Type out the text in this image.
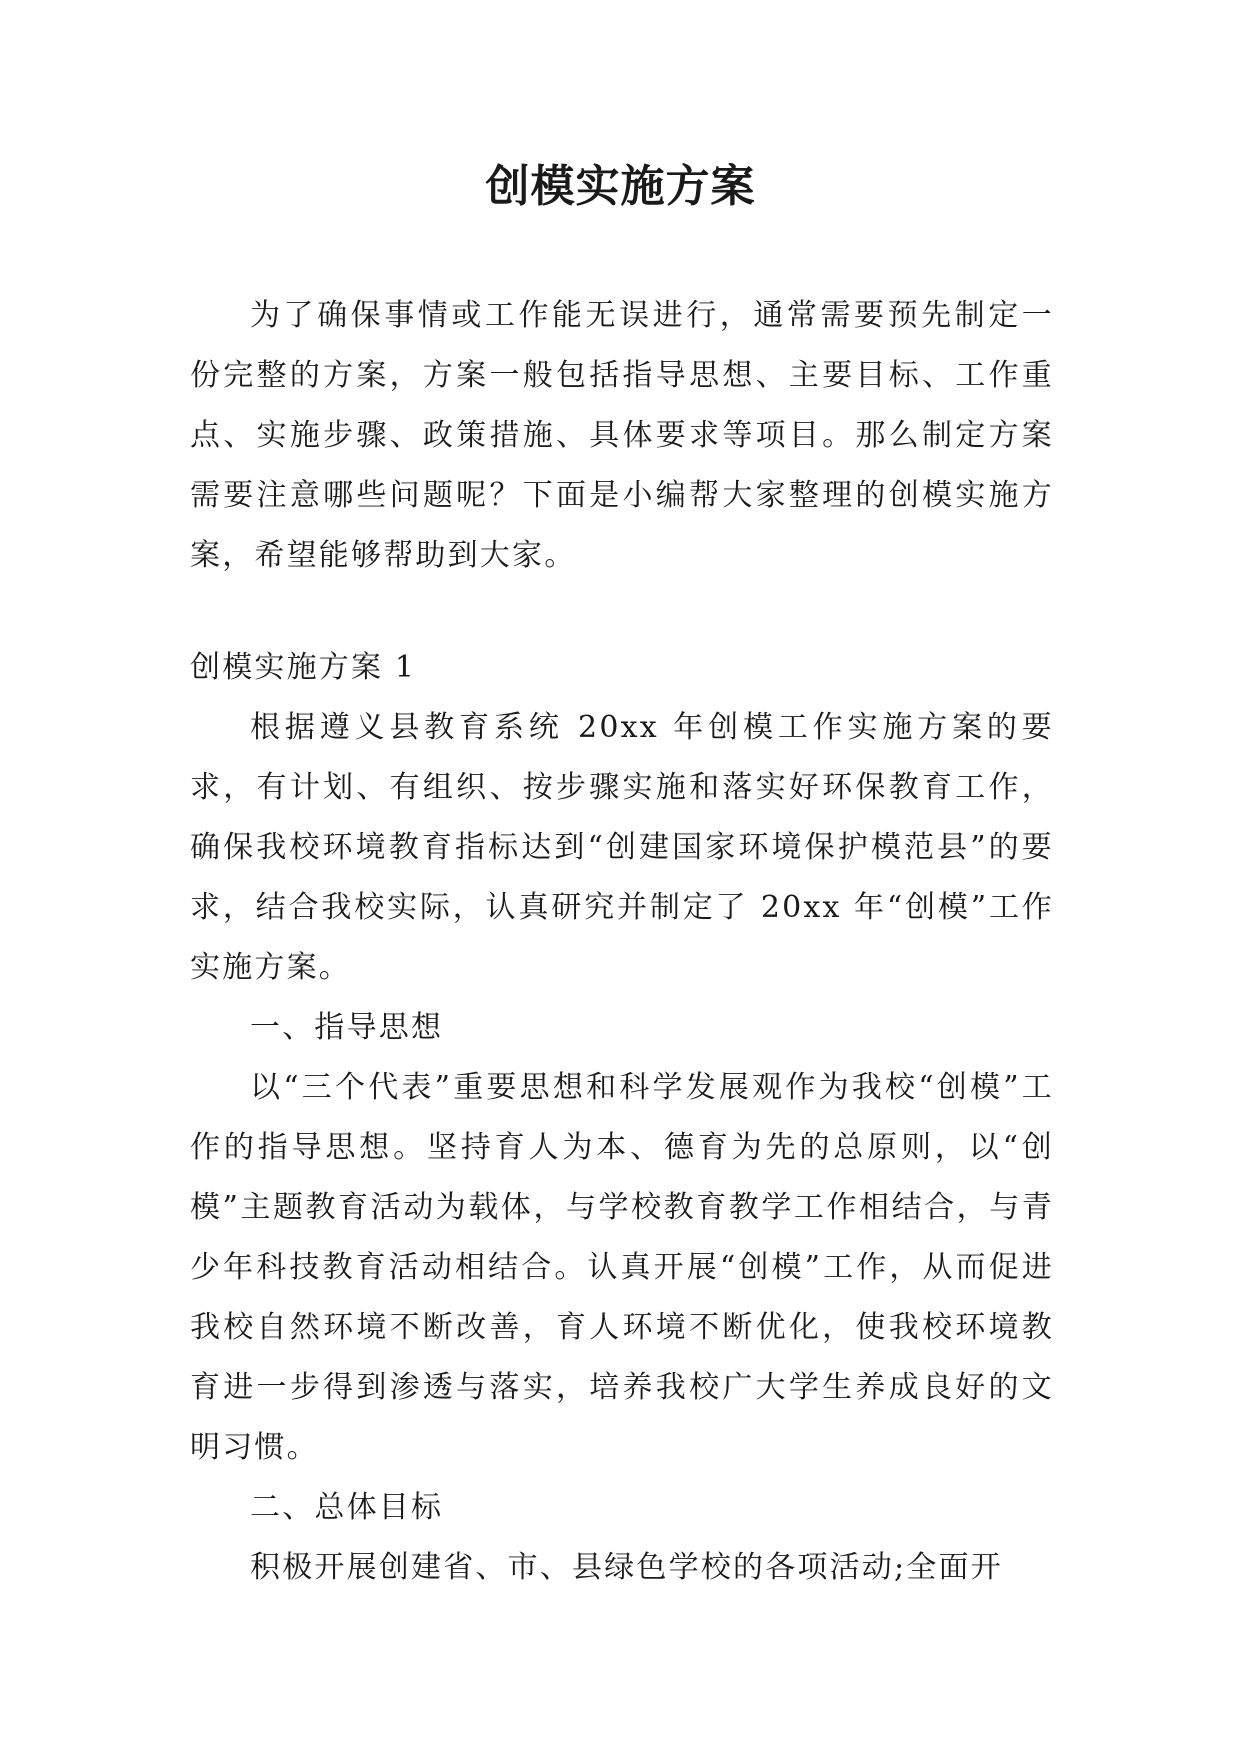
创模实施方案

为了确保事情或工作能无误进行，通常需要预先制定一份完整的方案，方案一般包括指导思想、主要目标、工作重点、实施步骤、政策措施、具体要求等项目。那么制定方案需要注意哪些问题呢？下面是小编帮大家整理的创模实施方案，希望能够帮助到大家。

创模实施方案 1

根据遵义县教育系统 20xx 年创模工作实施方案的要求，有计划、有组织、按步骤实施和落实好环保教育工作，确保我校环境教育指标达到“创建国家环境保护模范县”的要求，结合我校实际，认真研究并制定了 20xx 年“创模”工作实施方案。

一、指导思想

以“三个代表”重要思想和科学发展观作为我校“创模”工作的指导思想。坚持育人为本、德育为先的总原则，以“创模”主题教育活动为载体，与学校教育教学工作相结合，与青少年科技教育活动相结合。认真开展“创模”工作，从而促进我校自然环境不断改善，育人环境不断优化，使我校环境教育进一步得到渗透与落实，培养我校广大学生养成良好的文明习惯。

二、总体目标

积极开展创建省、市、县绿色学校的各项活动;全面开
